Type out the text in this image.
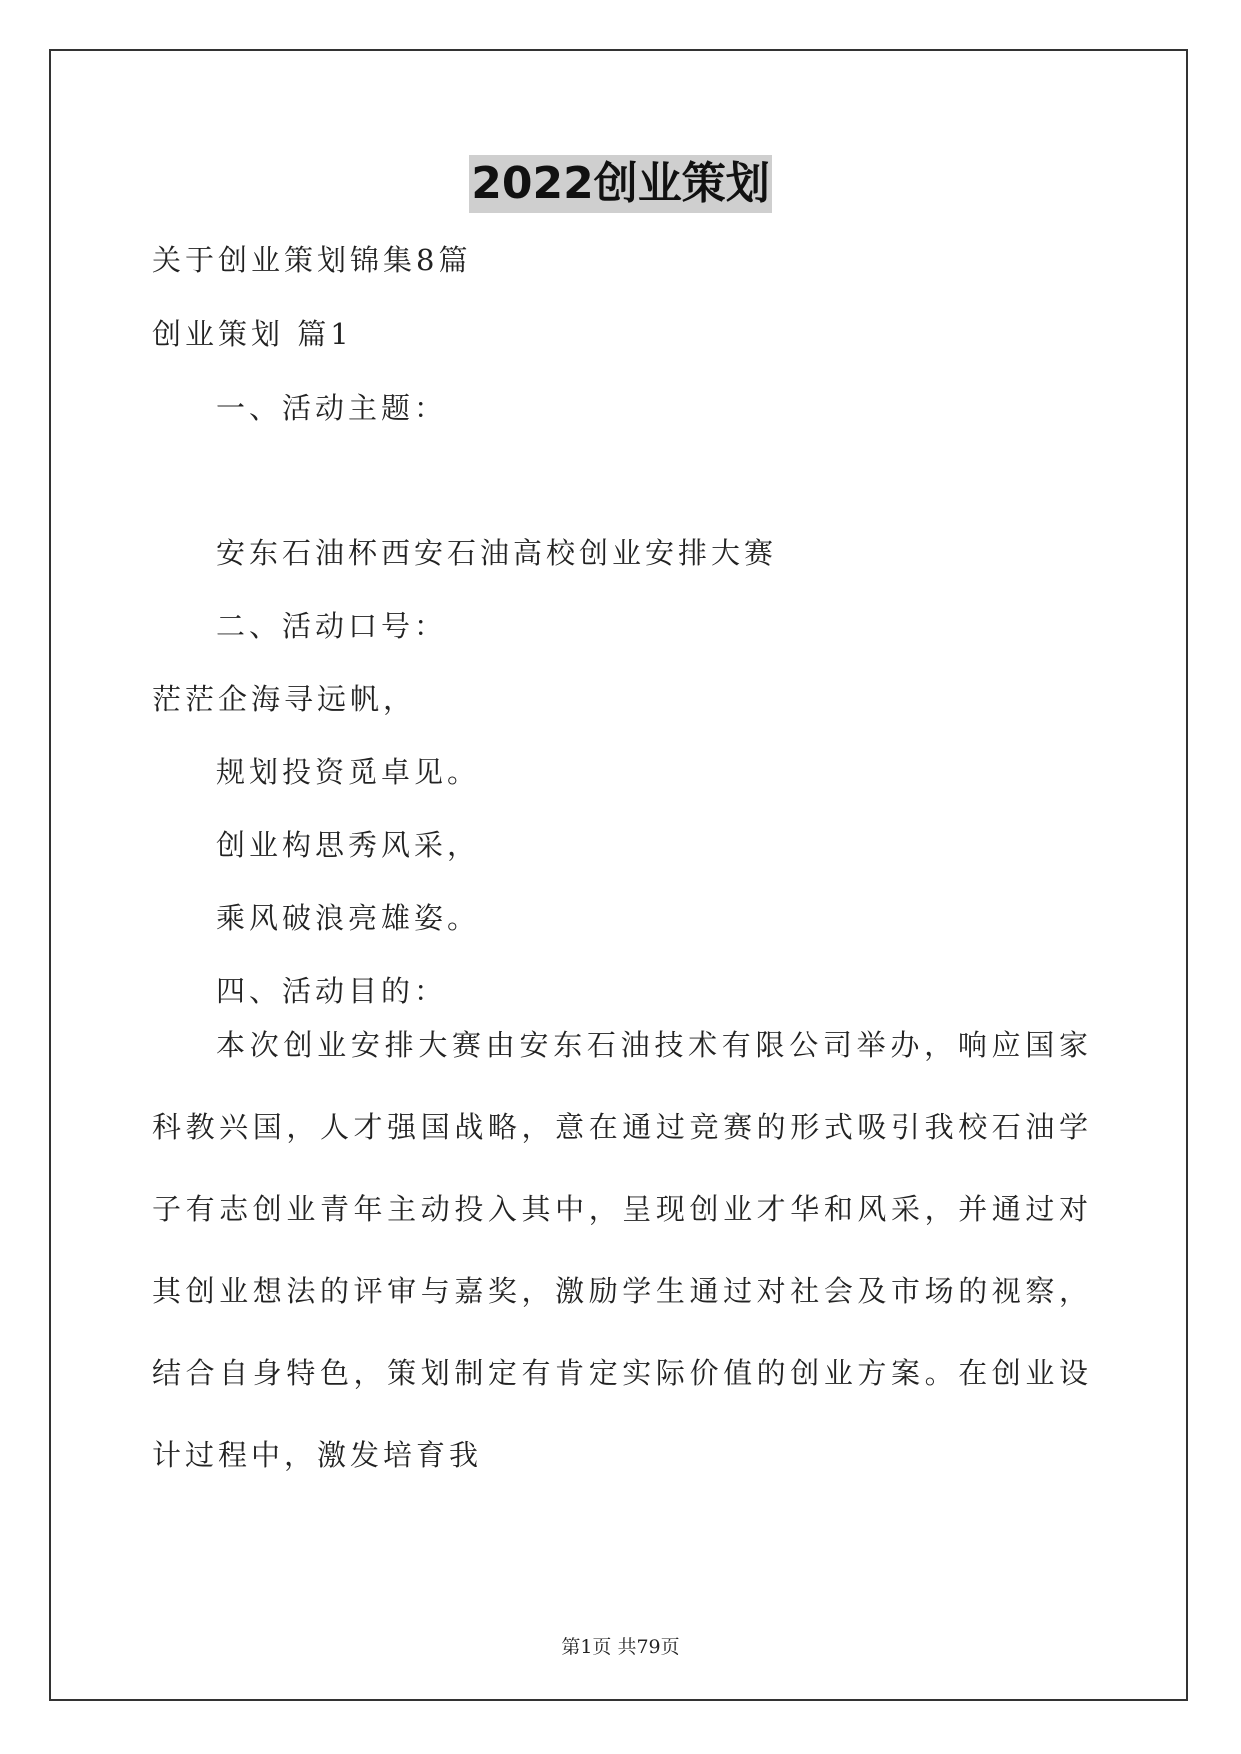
2022创业策划
关于创业策划锦集8篇
创业策划 篇1
一、活动主题：
安东石油杯西安石油高校创业安排大赛
二、活动口号：
茫茫企海寻远帆，
规划投资觅卓见。
创业构思秀风采，
乘风破浪亮雄姿。
四、活动目的：
本次创业安排大赛由安东石油技术有限公司举办，响应国家科教兴国，人才强国战略，意在通过竞赛的形式吸引我校石油学子有志创业青年主动投入其中，呈现创业才华和风采，并通过对其创业想法的评审与嘉奖，激励学生通过对社会及市场的视察，结合自身特色，策划制定有肯定实际价值的创业方案。在创业设计过程中，激发培育我
第1页 共79页
